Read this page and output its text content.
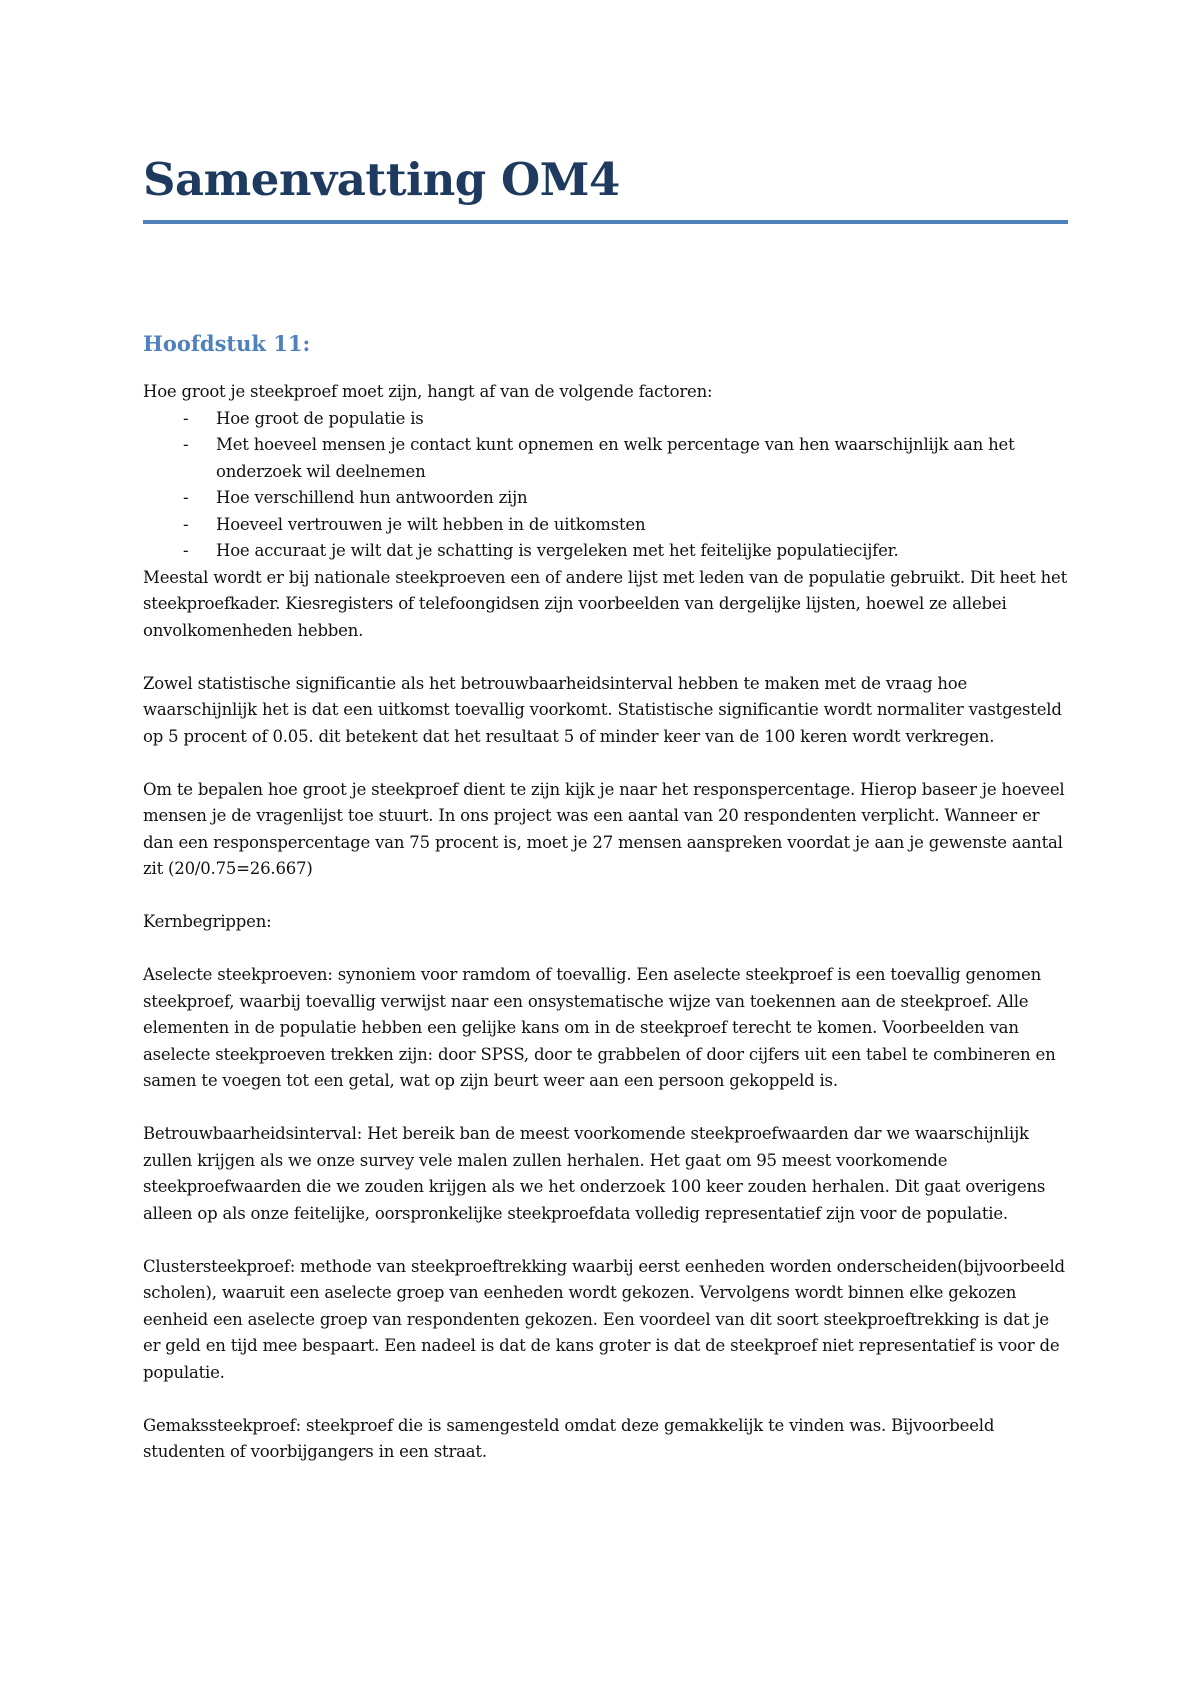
Samenvatting OM4
Hoofdstuk 11:

Hoe groot je steekproef moet zijn, hangt af van de volgende factoren:

- Hoe groot de populatie is
- Met hoeveel mensen je contact kunt opnemen en welk percentage van hen waarschijnlijk aan het onderzoek wil deelnemen
- Hoe verschillend hun antwoorden zijn
- Hoeveel vertrouwen je wilt hebben in de uitkomsten
- Hoe accuraat je wilt dat je schatting is vergeleken met het feitelijke populatiecijfer.

Meestal wordt er bij nationale steekproeven een of andere lijst met leden van de populatie gebruikt. Dit heet het steekproefkader. Kiesregisters of telefoongidsen zijn voorbeelden van dergelijke lijsten, hoewel ze allebei onvolkomenheden hebben.

Zowel statistische significantie als het betrouwbaarheidsinterval hebben te maken met de vraag hoe waarschijnlijk het is dat een uitkomst toevallig voorkomt. Statistische significantie wordt normaliter vastgesteld op 5 procent of 0.05. dit betekent dat het resultaat 5 of minder keer van de 100 keren wordt verkregen.

Om te bepalen hoe groot je steekproef dient te zijn kijk je naar het responspercentage. Hierop baseer je hoeveel mensen je de vragenlijst toe stuurt. In ons project was een aantal van 20 respondenten verplicht. Wanneer er dan een responspercentage van 75 procent is, moet je 27 mensen aanspreken voordat je aan je gewenste aantal zit (20/0.75=26.667)

Kernbegrippen:

Aselecte steekproeven: synoniem voor ramdom of toevallig. Een aselecte steekproef is een toevallig genomen steekproef, waarbij toevallig verwijst naar een onsystematische wijze van toekennen aan de steekproef. Alle elementen in de populatie hebben een gelijke kans om in de steekproef terecht te komen. Voorbeelden van aselecte steekproeven trekken zijn: door SPSS, door te grabbelen of door cijfers uit een tabel te combineren en samen te voegen tot een getal, wat op zijn beurt weer aan een persoon gekoppeld is.

Betrouwbaarheidsinterval: Het bereik ban de meest voorkomende steekproefwaarden dar we waarschijnlijk zullen krijgen als we onze survey vele malen zullen herhalen. Het gaat om 95 meest voorkomende steekproefwaarden die we zouden krijgen als we het onderzoek 100 keer zouden herhalen. Dit gaat overigens alleen op als onze feitelijke, oorspronkelijke steekproefdata volledig representatief zijn voor de populatie.

Clustersteekproef: methode van steekproeftrekking waarbij eerst eenheden worden onderscheiden(bijvoorbeeld scholen), waaruit een aselecte groep van eenheden wordt gekozen. Vervolgens wordt binnen elke gekozen eenheid een aselecte groep van respondenten gekozen. Een voordeel van dit soort steekproeftrekking is dat je er geld en tijd mee bespaart. Een nadeel is dat de kans groter is dat de steekproef niet representatief is voor de populatie.

Gemakssteekproef: steekproef die is samengesteld omdat deze gemakkelijk te vinden was. Bijvoorbeeld studenten of voorbijgangers in een straat.
